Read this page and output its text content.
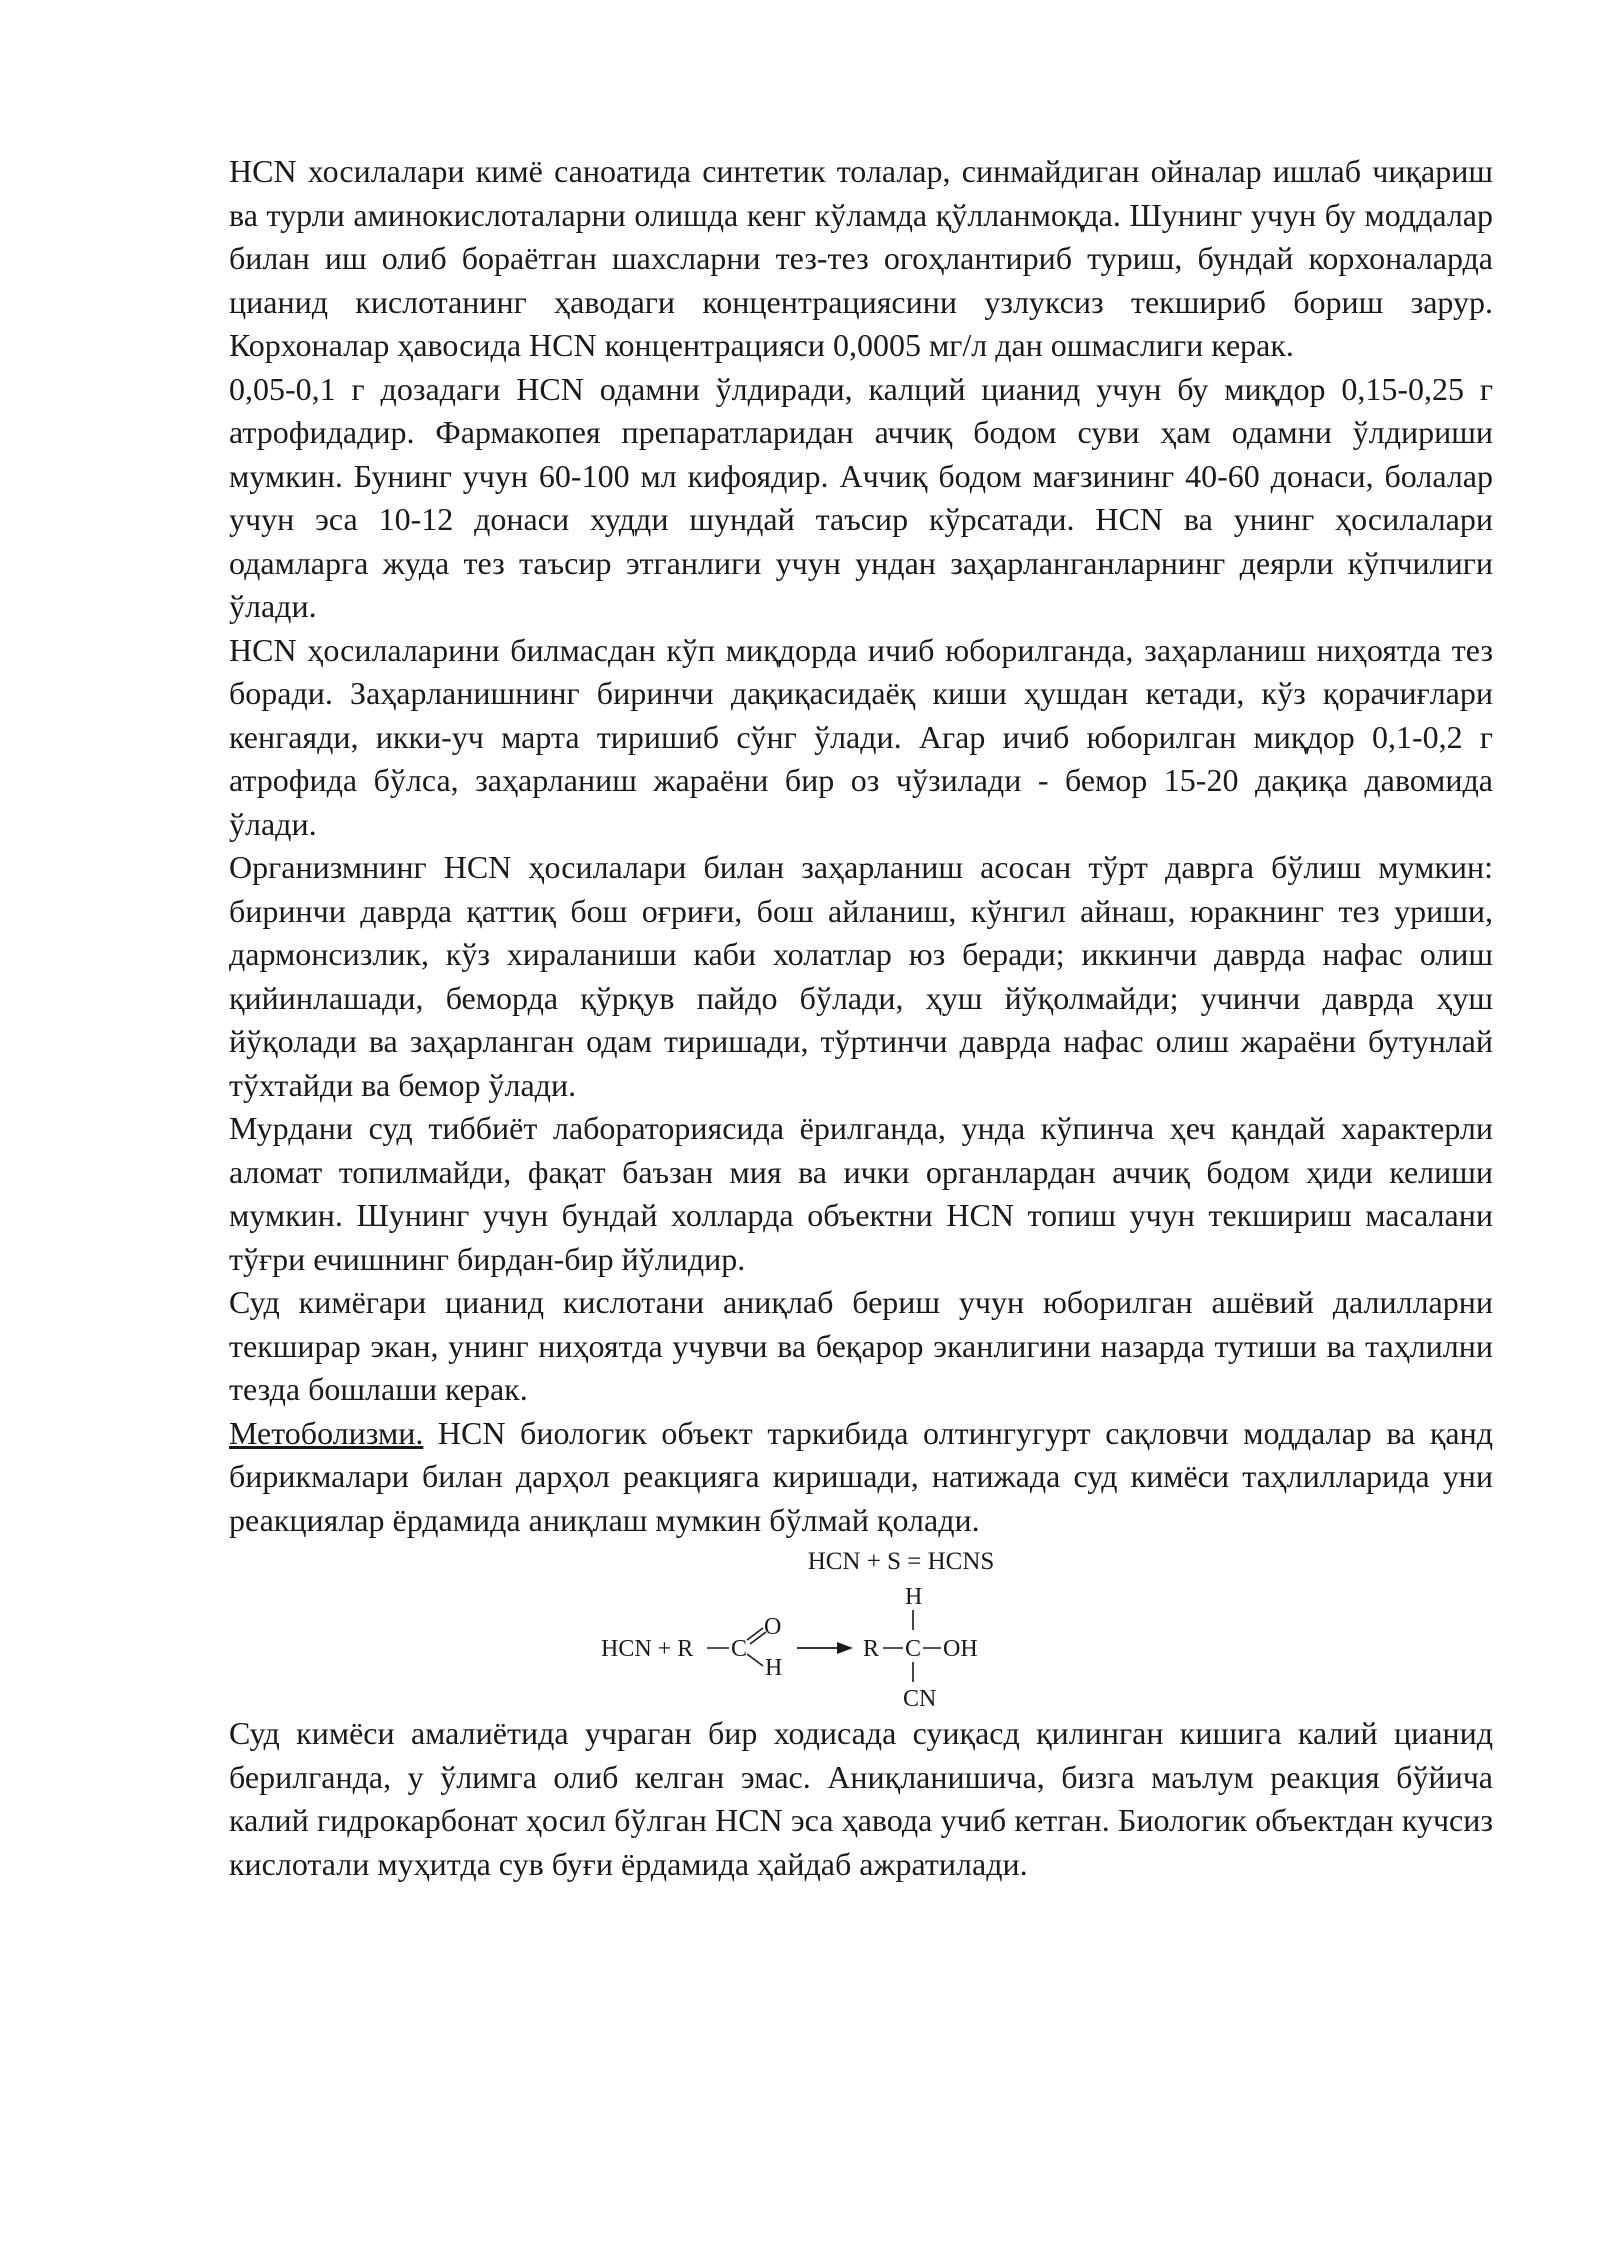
HCN хосилалари кимё саноатида синтетик толалар, синмайдиган ойналар ишлаб чиқариш ва турли аминокислоталарни олишда кенг кўламда қўлланмоқда. Шунинг учун бу моддалар билан иш олиб бораётган шахсларни тез-тез огоҳлантириб туриш, бундай корхоналарда цианид кислотанинг ҳаводаги концентрациясини узлуксиз текшириб бориш зарур. Корхоналар ҳавосида HCN концентрацияси 0,0005 мг/л дан ошмаслиги керак.

0,05-0,1 г дозадаги HCN одамни ўлдиради, калций цианид учун бу миқдор 0,15-0,25 г атрофидадир. Фармакопея препаратларидан аччиқ бодом суви ҳам одамни ўлдириши мумкин. Бунинг учун 60-100 мл кифоядир. Аччиқ бодом мағзининг 40-60 донаси, болалар учун эса 10-12 донаси худди шундай таъсир кўрсатади. HCN ва унинг ҳосилалари одамларга жуда тез таъсир этганлиги учун ундан заҳарланганларнинг деярли кўпчилиги ўлади.

HCN ҳосилаларини билмасдан кўп миқдорда ичиб юборилганда, заҳарланиш ниҳоятда тез боради. Заҳарланишнинг биринчи дақиқасидаёқ киши ҳушдан кетади, кўз қорачиғлари кенгаяди, икки-уч марта тиришиб сўнг ўлади. Агар ичиб юборилган миқдор 0,1-0,2 г атрофида бўлса, заҳарланиш жараёни бир оз чўзилади - бемор 15-20 дақиқа давомида ўлади.

Организмнинг HCN ҳосилалари билан заҳарланиш асосан тўрт даврга бўлиш мумкин: биринчи даврда қаттиқ бош оғриғи, бош айланиш, кўнгил айнаш, юракнинг тез уриши, дармонсизлик, кўз хираланиши каби холатлар юз беради; иккинчи даврда нафас олиш қийинлашади, беморда қўрқув пайдо бўлади, ҳуш йўқолмайди; учинчи даврда ҳуш йўқолади ва заҳарланган одам тиришади, тўртинчи даврда нафас олиш жараёни бутунлай тўхтайди ва бемор ўлади.

Мурдани суд тиббиёт лабораториясида ёрилганда, унда кўпинча ҳеч қандай характерли аломат топилмайди, фақат баъзан мия ва ички органлардан аччиқ бодом ҳиди келиши мумкин. Шунинг учун бундай холларда объектни HCN топиш учун текшириш масалани тўғри ечишнинг бирдан-бир йўлидир.

Суд кимёгари цианид кислотани аниқлаб бериш учун юборилган ашёвий далилларни текширар экан, унинг ниҳоятда учувчи ва беқарор эканлигини назарда тутиши ва таҳлилни тезда бошлаши керак.

Метоболизми. HCN биологик объект таркибида олтингугурт сақловчи моддалар ва қанд бирикмалари билан дарҳол реакцияга киришади, натижада суд кимёси таҳлилларида уни реакциялар ёрдамида аниқлаш мумкин бўлмай қолади.

HCN + S = HCNS
HCN + R C
O
H
R C OH
H
CN

Суд кимёси амалиётида учраган бир ходисада суиқасд қилинган кишига калий цианид берилганда, у ўлимга олиб келган эмас. Аниқланишича, бизга маълум реакция бўйича калий гидрокарбонат ҳосил бўлган HCN эса ҳавода учиб кетган. Биологик объектдан кучсиз кислотали муҳитда сув буғи ёрдамида ҳайдаб ажратилади.
